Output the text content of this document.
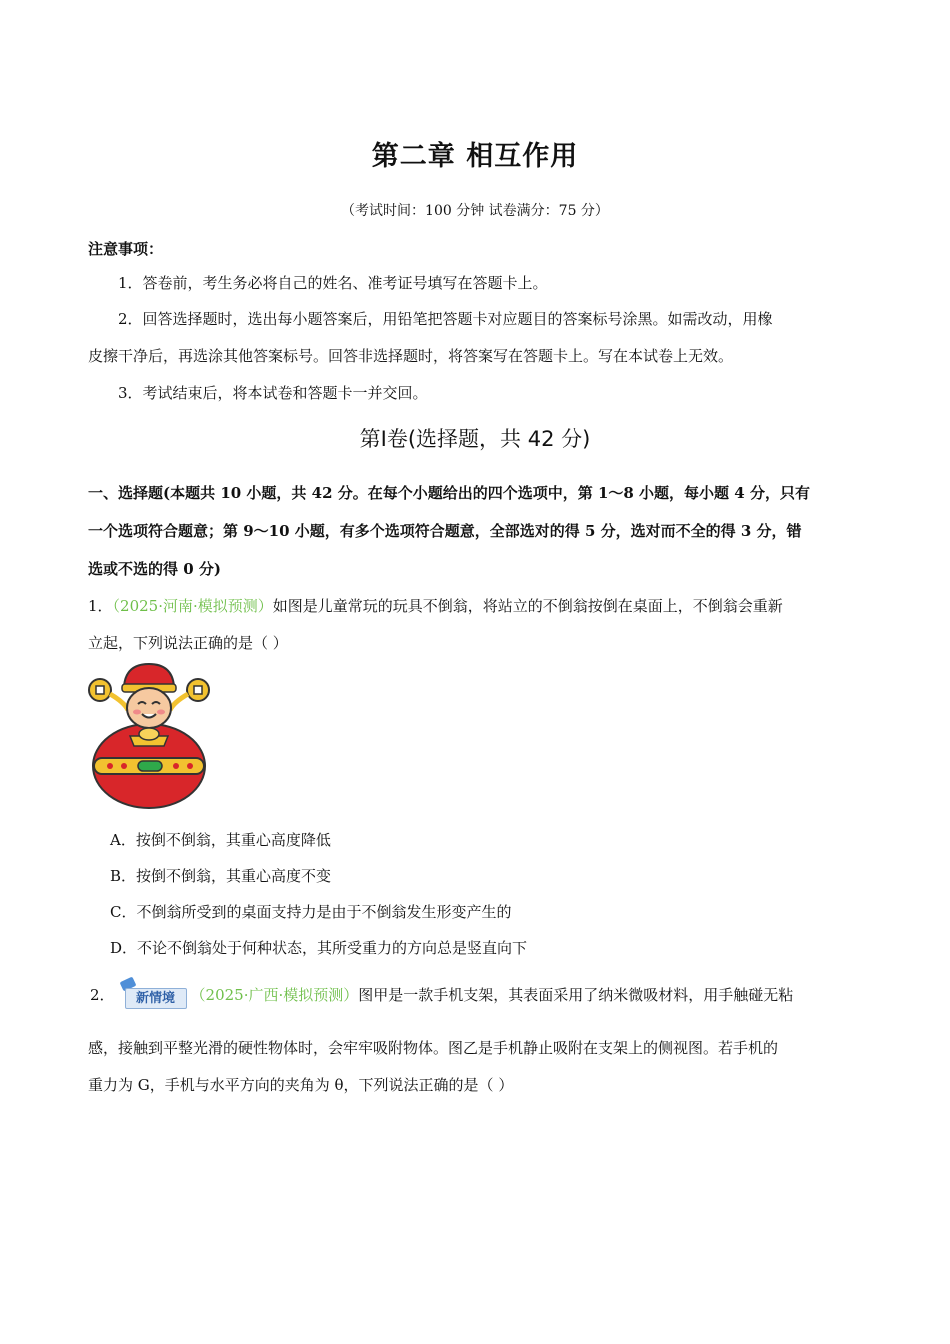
第二章 相互作用
（考试时间：100 分钟 试卷满分：75 分）
注意事项：
1．答卷前，考生务必将自己的姓名、准考证号填写在答题卡上。
2．回答选择题时，选出每小题答案后，用铅笔把答题卡对应题目的答案标号涂黑。如需改动，用橡
皮擦干净后，再选涂其他答案标号。回答非选择题时，将答案写在答题卡上。写在本试卷上无效。
3．考试结束后，将本试卷和答题卡一并交回。
第Ⅰ卷(选择题，共 42 分)
一、选择题(本题共 10 小题，共 42 分。在每个小题给出的四个选项中，第 1～8 小题，每小题 4 分，只有
一个选项符合题意；第 9～10 小题，有多个选项符合题意，全部选对的得 5 分，选对而不全的得 3 分，错
选或不选的得 0 分)
1．（2025·河南·模拟预测）如图是儿童常玩的玩具不倒翁，将站立的不倒翁按倒在桌面上，不倒翁会重新
立起，下列说法正确的是（ ）
A．按倒不倒翁，其重心高度降低
B．按倒不倒翁，其重心高度不变
C．不倒翁所受到的桌面支持力是由于不倒翁发生形变产生的
D．不论不倒翁处于何种状态，其所受重力的方向总是竖直向下
2．	新情境	（2025·广西·模拟预测）图甲是一款手机支架，其表面采用了纳米微吸材料，用手触碰无粘
感，接触到平整光滑的硬性物体时，会牢牢吸附物体。图乙是手机静止吸附在支架上的侧视图。若手机的
重力为 G，手机与水平方向的夹角为 θ，下列说法正确的是（ ）
